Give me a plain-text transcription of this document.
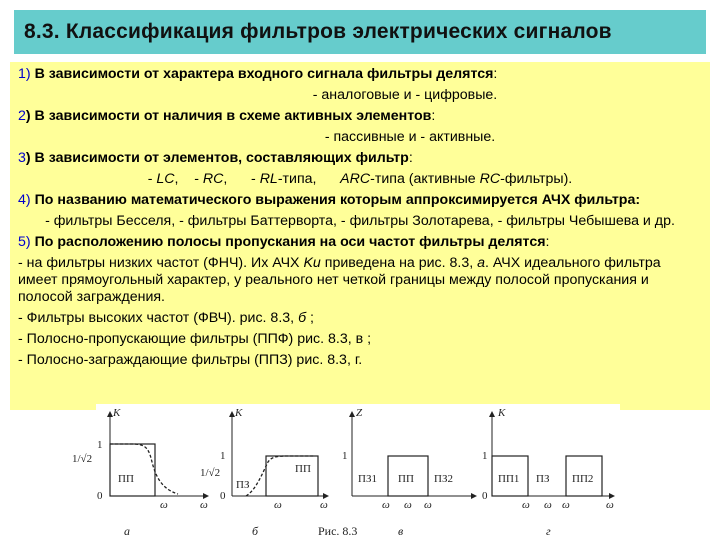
8.3. Классификация фильтров электрических сигналов

1) В зависимости от характера входного сигнала фильтры делятся:

- аналоговые и - цифровые.

2) В зависимости от наличия в схеме активных элементов:

- пассивные и - активные.

3) В зависимости от элементов, составляющих фильтр:

- LC,    - RC,      - RL-типа, ARC-типа (активные RC-фильтры).

4) По названию математического выражения которым аппроксимируется АЧХ фильтра:

- фильтры Бесселя, - фильтры Баттерворта, - фильтры Золотарева, - фильтры Чебышева и др.

5) По расположению полосы пропускания на оси частот фильтры делятся:

- на фильтры низких частот (ФНЧ). Их АЧХ Ku приведена на рис. 8.3, а. АЧХ идеального фильтра имеет прямоугольный характер, у реального нет четкой границы между полосой пропускания и полосой заграждения.

- Фильтры высоких частот (ФВЧ). рис. 8.3, б ;

- Полосно-пропускающие фильтры (ППФ) рис. 8.3, в ;

- Полосно-заграждающие фильтры (ППЗ) рис. 8.3, г.

K
1
1/√2
0
ПП
ω	ω
K
1
1/√2
0
ПЗ
ПП
ω	ω
Z
1
ПЗ1 ПП ПЗ2
ω ω ω
K
1
0
ПП1 ПЗ ПП2
ω ω ω	ω
а	б	Рис. 8.3	в	г
